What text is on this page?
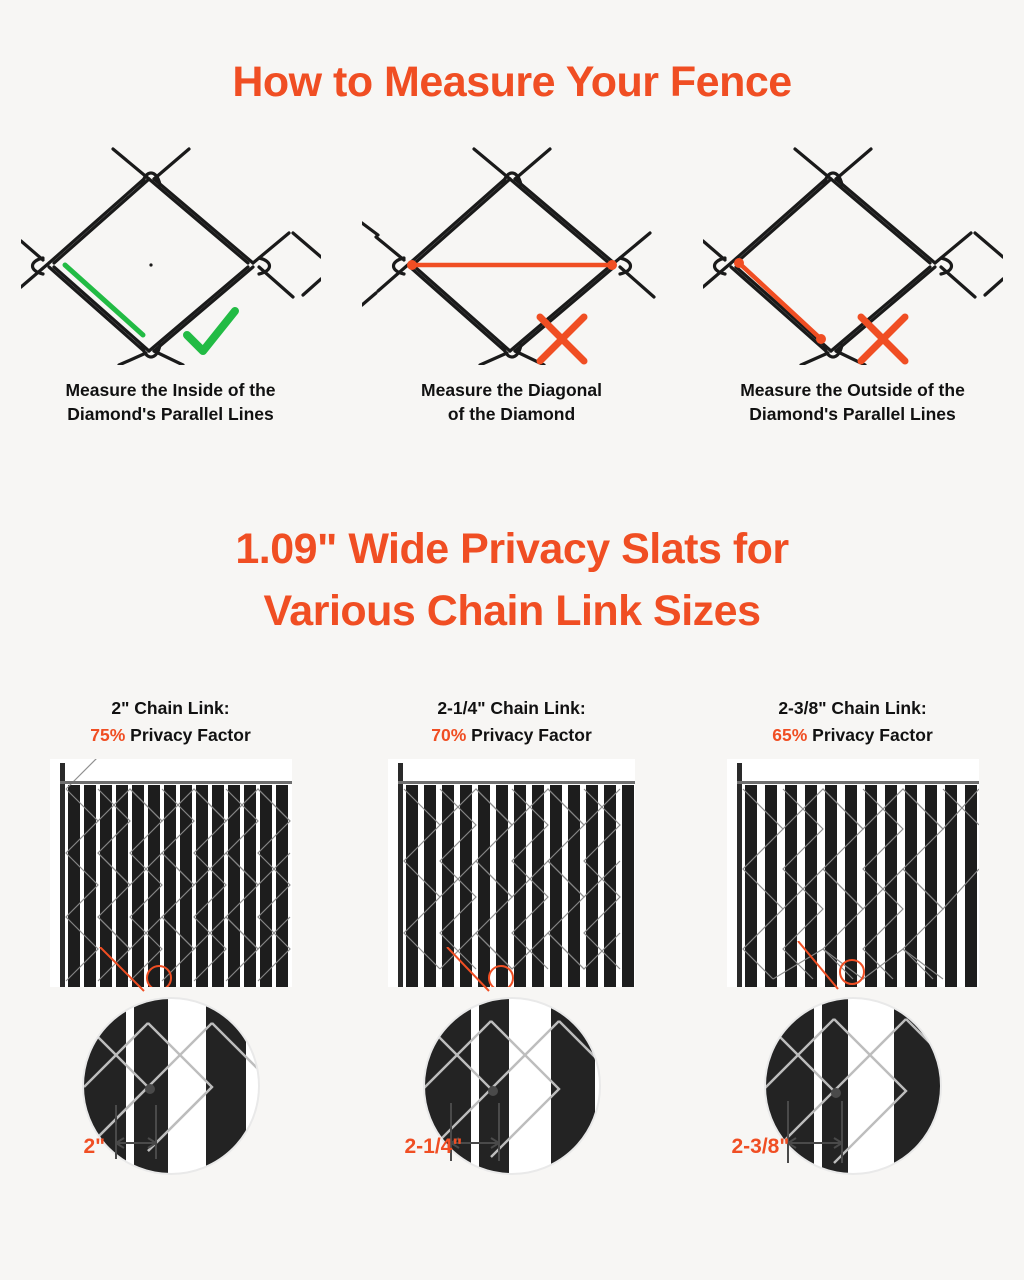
How to Measure Your Fence
Measure the Inside of the
Diamond's Parallel Lines
Measure the Diagonal
of the Diamond
Measure the Outside of the
Diamond's Parallel Lines
1.09" Wide Privacy Slats for
Various Chain Link Sizes
2" Chain Link:
75% Privacy Factor
2"
2-1/4" Chain Link:
70% Privacy Factor
2-1/4"
2-3/8" Chain Link:
65% Privacy Factor
2-3/8"
